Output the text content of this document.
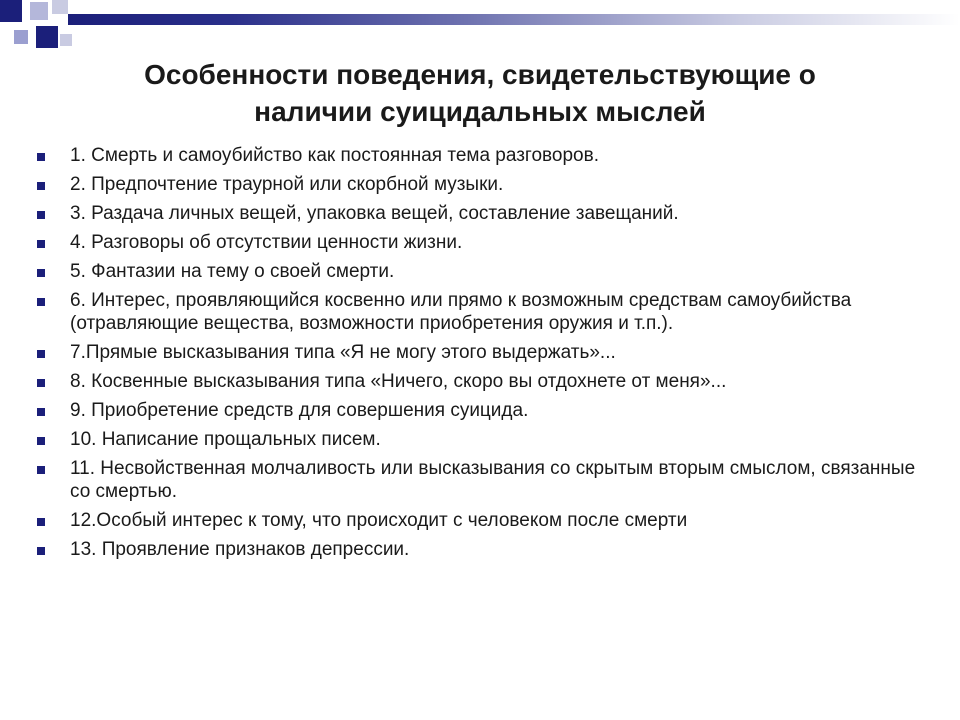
Особенности поведения, свидетельствующие о
наличии суицидальных мыслей
1. Смерть и самоубийство как постоянная тема разговоров.
2. Предпочтение траурной или скорбной музыки.
3. Раздача личных вещей, упаковка вещей, составление завещаний.
4. Разговоры об отсутствии ценности жизни.
5. Фантазии на тему о своей смерти.
6. Интерес, проявляющийся косвенно или прямо к возможным средствам самоубийства (отравляющие вещества, возможности приобретения оружия и т.п.).
7.Прямые высказывания типа «Я не могу этого выдержать»...
8. Косвенные высказывания типа «Ничего, скоро вы отдохнете от меня»...
9. Приобретение средств для совершения суицида.
10. Написание прощальных писем.
11. Несвойственная молчаливость или высказывания со скрытым вторым смыслом, связанные со смертью.
12.Особый интерес к тому, что происходит с человеком после смерти
13. Проявление признаков депрессии.
